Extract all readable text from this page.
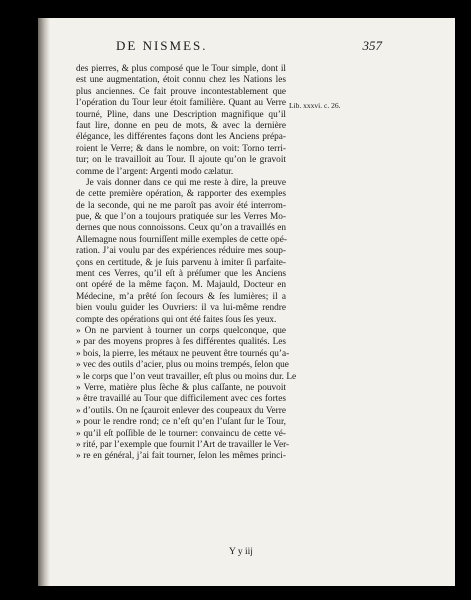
DE NISMES.	357
des pierres, & plus composé que le Tour simple, dont il
est une augmentation, étoit connu chez les Nations les
plus anciennes. Ce fait prouve incontestablement que
l’opération du Tour leur étoit familière. Quant au Verre
tourné, Pline, dans une Description magnifique qu’il
faut lire, donne en peu de mots, & avec la dernière
élégance, les différentes façons dont les Anciens prépa-
roient le Verre; & dans le nombre, on voit: Torno terri-
tur; on le travailloit au Tour. Il ajoute qu’on le gravoit
comme de l’argent: Argenti modo cælatur.
Je vais donner dans ce qui me reste à dire, la preuve
de cette première opération, & rapporter des exemples
de la seconde, qui ne me paroît pas avoir été interrom-
pue, & que l’on a toujours pratiquée sur les Verres Mo-
dernes que nous connoissons. Ceux qu’on a travaillés en
Allemagne nous fourniſſent mille exemples de cette opé-
ration. J’ai voulu par des expériences réduire mes soup-
çons en certitude, & je ſuis parvenu à imiter ſi parfaite-
ment ces Verres, qu’il eſt à préſumer que les Anciens
ont opéré de la même façon. M. Majauld, Docteur en
Médecine, m’a prêté ſon ſecours & ſes lumières; il a
bien voulu guider les Ouvriers: il va lui-même rendre
compte des opérations qui ont été faites ſous ſes yeux.
» On ne parvient à tourner un corps quelconque, que
» par des moyens propres à ſes différentes qualités. Les
» bois, la pierre, les métaux ne peuvent être tournés qu’a-
» vec des outils d’acier, plus ou moins trempés, ſelon que
» le corps que l’on veut travailler, eſt plus ou moins dur. Le
» Verre, matière plus ſèche & plus caſſante, ne pouvoit
» être travaillé au Tour que difficilement avec ces fortes
» d’outils. On ne ſçauroit enlever des coupeaux du Verre
» pour le rendre rond; ce n’eſt qu’en l’uſant ſur le Tour,
» qu’il eſt poſſible de le tourner: convaincu de cette vé-
» rité, par l’exemple que fournit l’Art de travailler le Ver-
» re en général, j’ai fait tourner, ſelon les mêmes princi-
Lib. xxxvi. c. 26.
Y y iij
